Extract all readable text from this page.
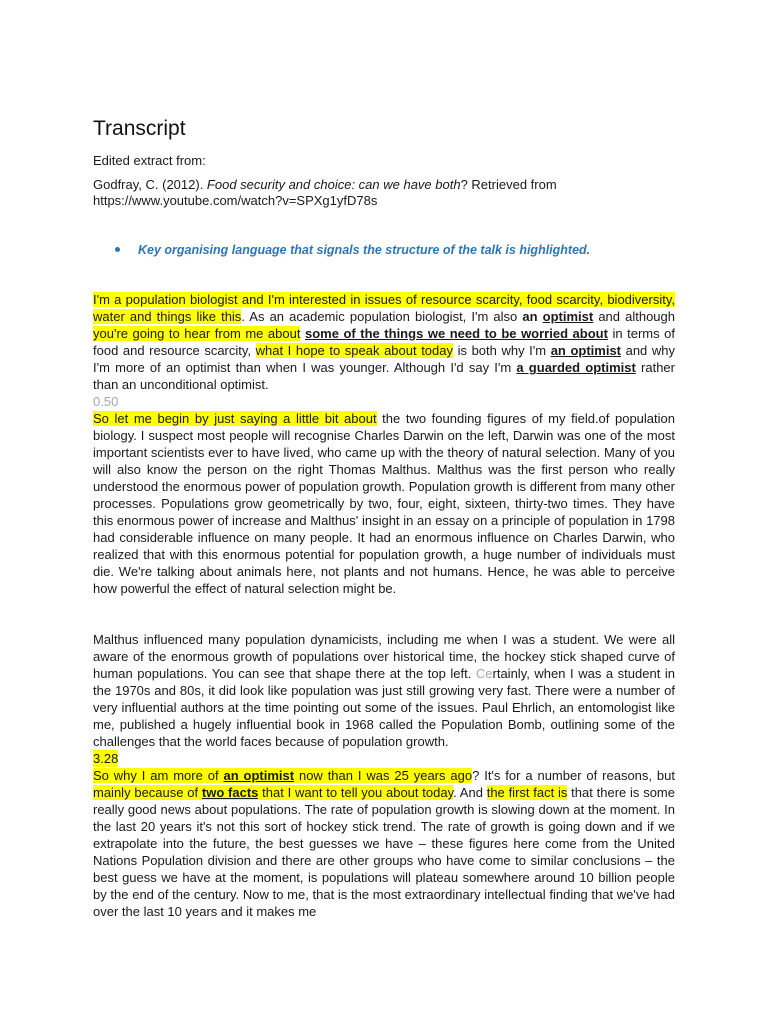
Transcript
Edited extract from:
Godfray, C. (2012). Food security and choice: can we have both? Retrieved from
https://www.youtube.com/watch?v=SPXg1yfD78s
Key organising language that signals the structure of the talk is highlighted.
I'm a population biologist and I'm interested in issues of resource scarcity, food scarcity, biodiversity, water and things like this. As an academic population biologist, I'm also an optimist and although you're going to hear from me about some of the things we need to be worried about in terms of food and resource scarcity, what I hope to speak about today is both why I'm an optimist and why I'm more of an optimist than when I was younger. Although I'd say I'm a guarded optimist rather than an unconditional optimist.
0.50
So let me begin by just saying a little bit about the two founding figures of my field.of population biology. I suspect most people will recognise Charles Darwin on the left, Darwin was one of the most important scientists ever to have lived, who came up with the theory of natural selection. Many of you will also know the person on the right Thomas Malthus. Malthus was the first person who really understood the enormous power of population growth. Population growth is different from many other processes. Populations grow geometrically by two, four, eight, sixteen, thirty-two times. They have this enormous power of increase and Malthus' insight in an essay on a principle of population in 1798 had considerable influence on many people. It had an enormous influence on Charles Darwin, who realized that with this enormous potential for population growth, a huge number of individuals must die. We're talking about animals here, not plants and not humans. Hence, he was able to perceive how powerful the effect of natural selection might be.
Malthus influenced many population dynamicists, including me when I was a student. We were all aware of the enormous growth of populations over historical time, the hockey stick shaped curve of human populations. You can see that shape there at the top left. Certainly, when I was a student in the 1970s and 80s, it did look like population was just still growing very fast. There were a number of very influential authors at the time pointing out some of the issues. Paul Ehrlich, an entomologist like me, published a hugely influential book in 1968 called the Population Bomb, outlining some of the challenges that the world faces because of population growth.
3.28
So why I am more of an optimist now than I was 25 years ago? It's for a number of reasons, but mainly because of two facts that I want to tell you about today. And the first fact is that there is some really good news about populations. The rate of population growth is slowing down at the moment. In the last 20 years it's not this sort of hockey stick trend. The rate of growth is going down and if we extrapolate into the future, the best guesses we have – these figures here come from the United Nations Population division and there are other groups who have come to similar conclusions – the best guess we have at the moment, is populations will plateau somewhere around 10 billion people by the end of the century. Now to me, that is the most extraordinary intellectual finding that we've had over the last 10 years and it makes me
